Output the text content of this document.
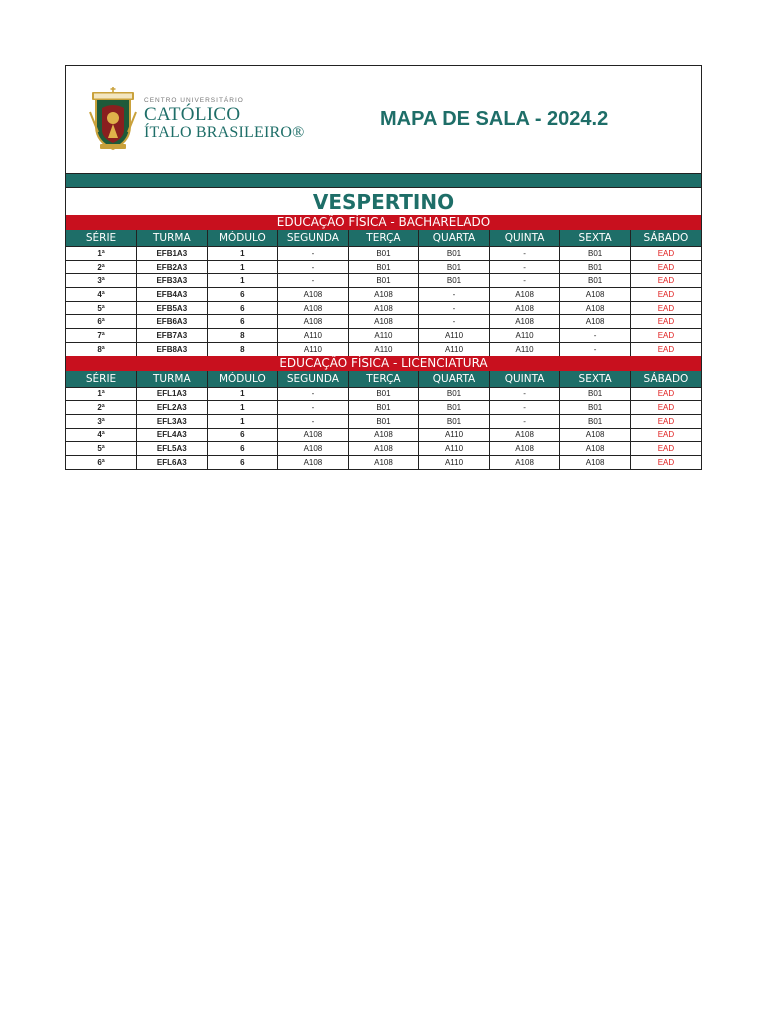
CENTRO UNIVERSITÁRIO
CATÓLICO
ÍTALO BRASILEIRO®
MAPA DE SALA - 2024.2
VESPERTINO
EDUCAÇÃO FÍSICA - BACHARELADO
SÉRIE	TURMA	MÓDULO	SEGUNDA	TERÇA	QUARTA	QUINTA	SEXTA	SÁBADO
1ª	EFB1A3	1	-	B01	B01	-	B01	EAD
2ª	EFB2A3	1	-	B01	B01	-	B01	EAD
3ª	EFB3A3	1	-	B01	B01	-	B01	EAD
4ª	EFB4A3	6	A108	A108	-	A108	A108	EAD
5ª	EFB5A3	6	A108	A108	-	A108	A108	EAD
6ª	EFB6A3	6	A108	A108	-	A108	A108	EAD
7ª	EFB7A3	8	A110	A110	A110	A110	-	EAD
8ª	EFB8A3	8	A110	A110	A110	A110	-	EAD
EDUCAÇÃO FÍSICA - LICENCIATURA
SÉRIE	TURMA	MÓDULO	SEGUNDA	TERÇA	QUARTA	QUINTA	SEXTA	SÁBADO
1ª	EFL1A3	1	-	B01	B01	-	B01	EAD
2ª	EFL2A3	1	-	B01	B01	-	B01	EAD
3ª	EFL3A3	1	-	B01	B01	-	B01	EAD
4ª	EFL4A3	6	A108	A108	A110	A108	A108	EAD
5ª	EFL5A3	6	A108	A108	A110	A108	A108	EAD
6ª	EFL6A3	6	A108	A108	A110	A108	A108	EAD
